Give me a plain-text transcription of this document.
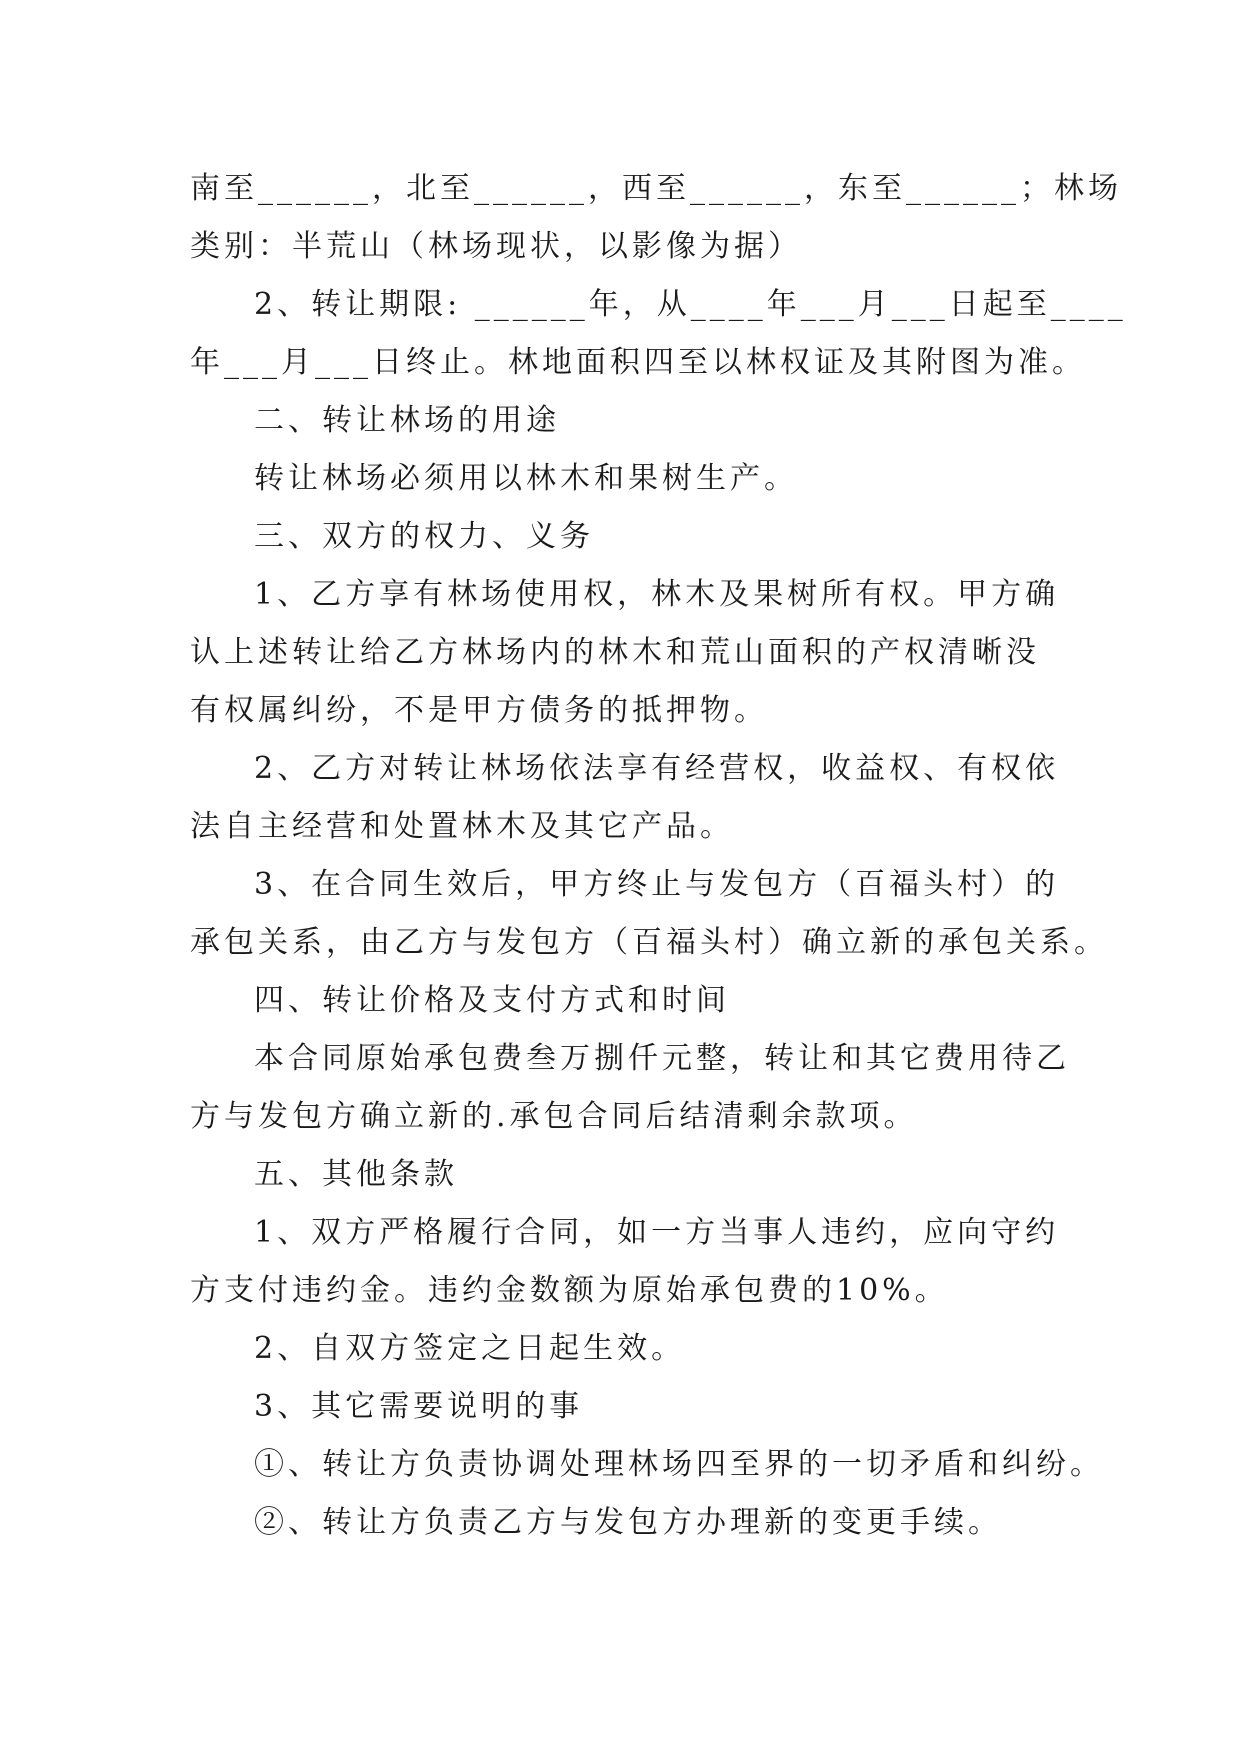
南至______，北至______，西至______，东至______；林场
类别：半荒山（林场现状，以影像为据）
2、转让期限: ______年，从____年___月___日起至____
年___月___日终止。林地面积四至以林权证及其附图为准。
二、转让林场的用途
转让林场必须用以林木和果树生产。
三、双方的权力、义务
1、乙方享有林场使用权，林木及果树所有权。甲方确
认上述转让给乙方林场内的林木和荒山面积的产权清晰没
有权属纠纷，不是甲方债务的抵押物。
2、乙方对转让林场依法享有经营权，收益权、有权依
法自主经营和处置林木及其它产品。
3、在合同生效后，甲方终止与发包方（百福头村）的
承包关系，由乙方与发包方（百福头村）确立新的承包关系。
四、转让价格及支付方式和时间
本合同原始承包费叁万捌仟元整，转让和其它费用待乙
方与发包方确立新的.承包合同后结清剩余款项。
五、其他条款
1、双方严格履行合同，如一方当事人违约，应向守约
方支付违约金。违约金数额为原始承包费的10%。
2、自双方签定之日起生效。
3、其它需要说明的事
①、转让方负责协调处理林场四至界的一切矛盾和纠纷。
②、转让方负责乙方与发包方办理新的变更手续。
